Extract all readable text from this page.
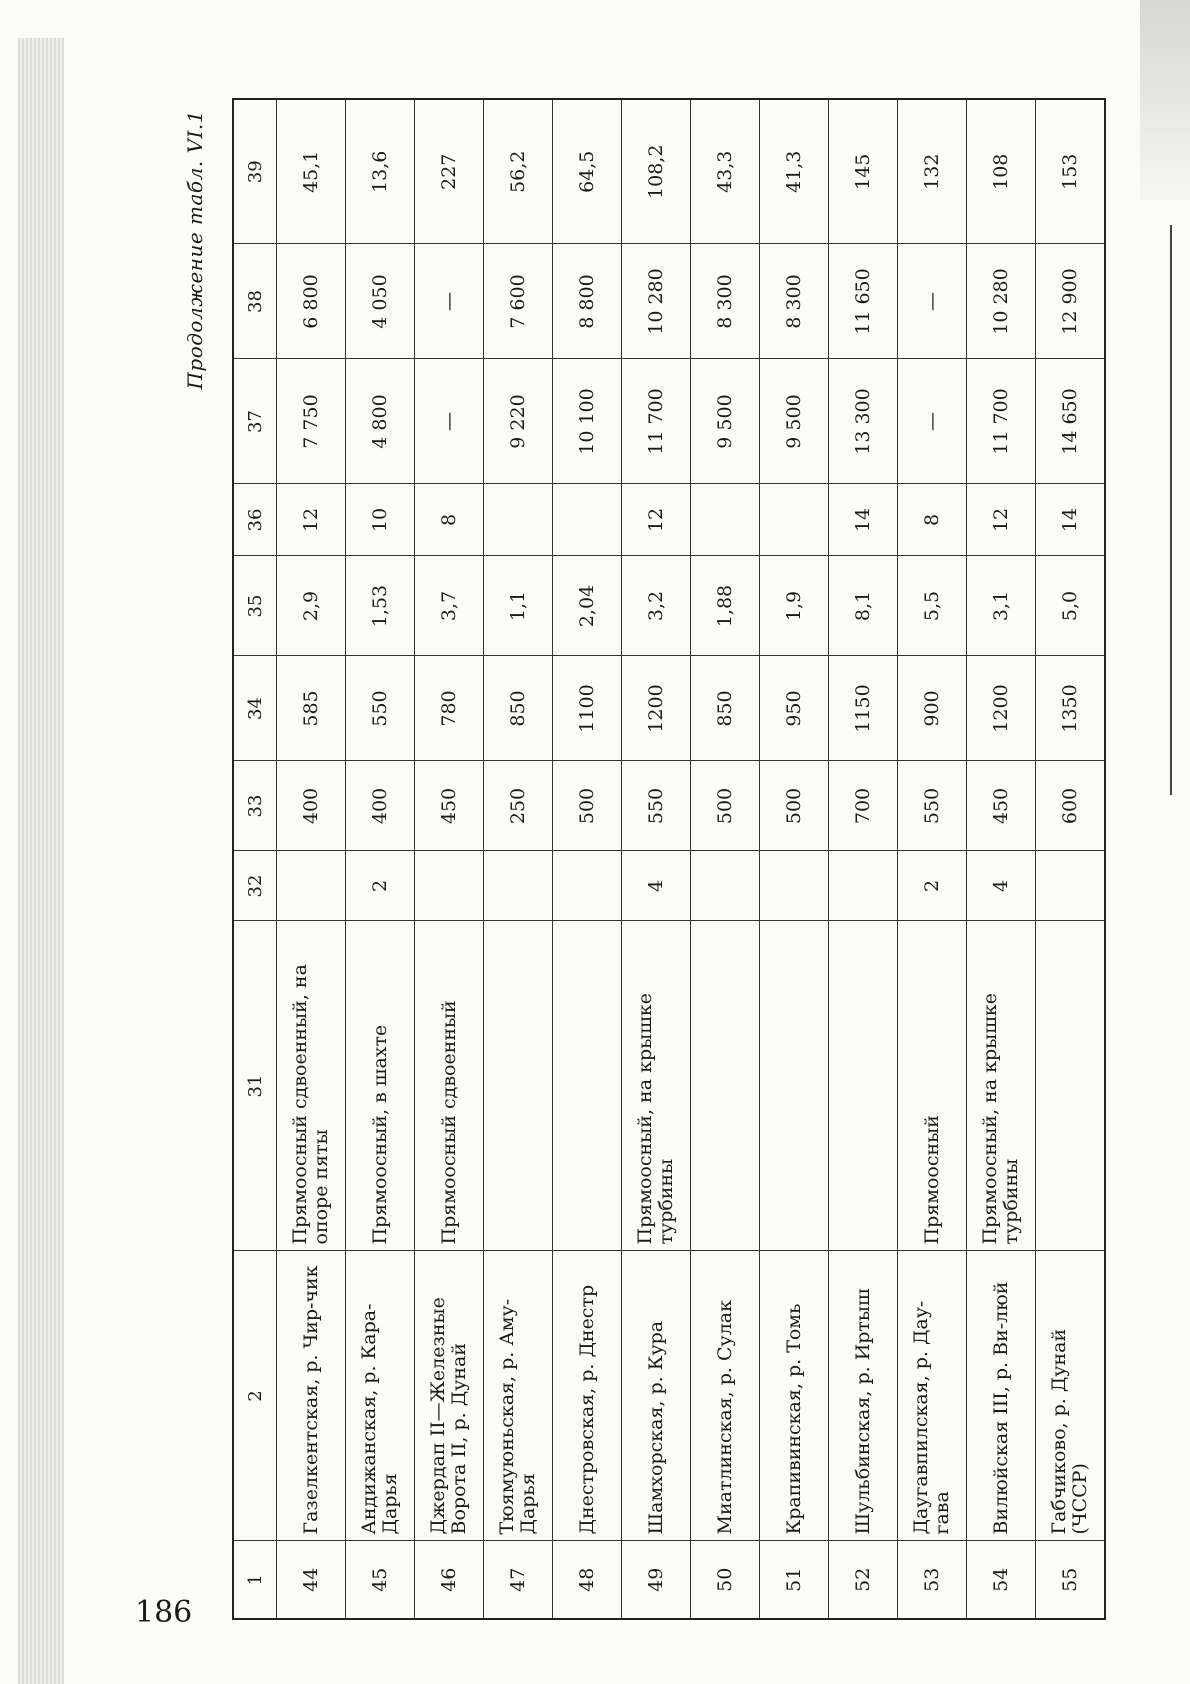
186
Продолжение табл. VI.1
1	2	31	32	33	34	35	36	37	38	39
44	Газелкентская, р. Чир-чик	Прямоосный сдвоенный, на опоре пяты		400	585	2,9	12	7 750	6 800	45,1
45	Андижанская, р. Кара-Дарья	Прямоосный, в шахте	2	400	550	1,53	10	4 800	4 050	13,6
46	Джердап II—Железные Ворота II, р. Дунай	Прямоосный сдвоенный		450	780	3,7	8	—	—	227
47	Тюямуюньская, р. Аму-Дарья			250	850	1,1		9 220	7 600	56,2
48	Днестровская, р. Днестр			500	1100	2,04		10 100	8 800	64,5
49	Шамхорская, р. Кура	Прямоосный, на крышке турбины	4	550	1200	3,2	12	11 700	10 280	108,2
50	Миатлинская, р. Сулак			500	850	1,88		9 500	8 300	43,3
51	Крапивинская, р. Томь			500	950	1,9		9 500	8 300	41,3
52	Шульбинская, р. Иртыш			700	1150	8,1	14	13 300	11 650	145
53	Даугавпилская, р. Дау-гава	Прямоосный	2	550	900	5,5	8	—	—	132
54	Вилюйская III, р. Ви-люй	Прямоосный, на крышке турбины	4	450	1200	3,1	12	11 700	10 280	108
55	Габчиково, р. Дунай (ЧССР)			600	1350	5,0	14	14 650	12 900	153
